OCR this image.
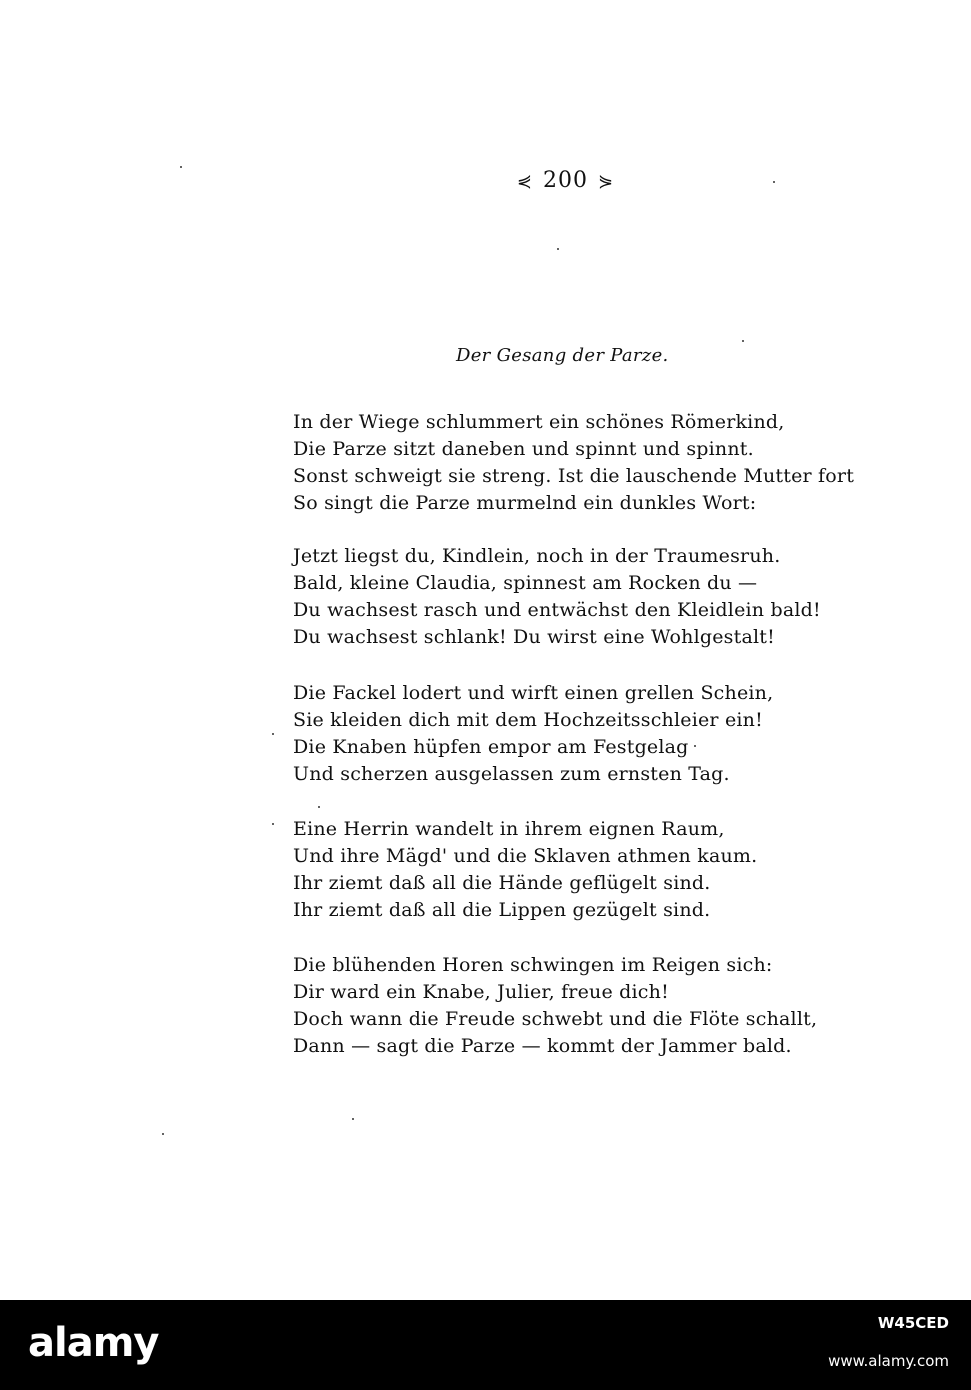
⋞ 200 ⋟
Der Gesang der Parze.
In der Wiege schlummert ein schönes Römerkind,
Die Parze sitzt daneben und spinnt und spinnt.
Sonst schweigt sie streng. Ist die lauschende Mutter fort
So singt die Parze murmelnd ein dunkles Wort:
Jetzt liegst du, Kindlein, noch in der Traumesruh.
Bald, kleine Claudia, spinnest am Rocken du —
Du wachsest rasch und entwächst den Kleidlein bald!
Du wachsest schlank! Du wirst eine Wohlgestalt!
Die Fackel lodert und wirft einen grellen Schein,
Sie kleiden dich mit dem Hochzeitsschleier ein!
Die Knaben hüpfen empor am Festgelag
Und scherzen ausgelassen zum ernsten Tag.
Eine Herrin wandelt in ihrem eignen Raum,
Und ihre Mägd' und die Sklaven athmen kaum.
Ihr ziemt daß all die Hände geflügelt sind.
Ihr ziemt daß all die Lippen gezügelt sind.
Die blühenden Horen schwingen im Reigen sich:
Dir ward ein Knabe, Julier, freue dich!
Doch wann die Freude schwebt und die Flöte schallt,
Dann — sagt die Parze — kommt der Jammer bald.
alamy	W45CED
www.alamy.com
